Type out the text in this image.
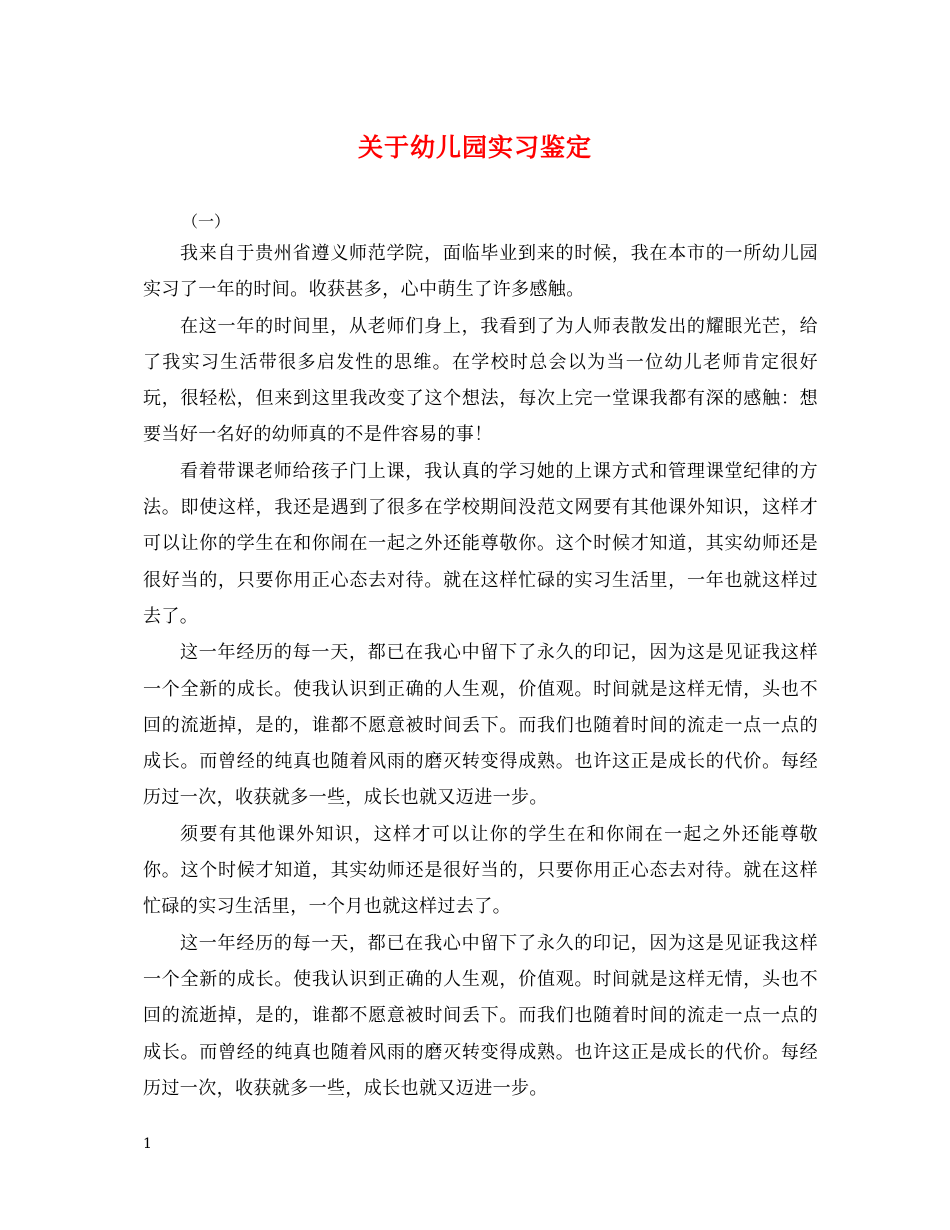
关于幼儿园实习鉴定

（一）

我来自于贵州省遵义师范学院，面临毕业到来的时候，我在本市的一所幼儿园实习了一年的时间。收获甚多，心中萌生了许多感触。

在这一年的时间里，从老师们身上，我看到了为人师表散发出的耀眼光芒，给了我实习生活带很多启发性的思维。在学校时总会以为当一位幼儿老师肯定很好玩，很轻松，但来到这里我改变了这个想法，每次上完一堂课我都有深的感触：想要当好一名好的幼师真的不是件容易的事！

看着带课老师给孩子门上课，我认真的学习她的上课方式和管理课堂纪律的方法。即使这样，我还是遇到了很多在学校期间没范文网要有其他课外知识，这样才可以让你的学生在和你闹在一起之外还能尊敬你。这个时候才知道，其实幼师还是很好当的，只要你用正心态去对待。就在这样忙碌的实习生活里，一年也就这样过去了。

这一年经历的每一天，都已在我心中留下了永久的印记，因为这是见证我这样一个全新的成长。使我认识到正确的人生观，价值观。时间就是这样无情，头也不回的流逝掉，是的，谁都不愿意被时间丢下。而我们也随着时间的流走一点一点的成长。而曾经的纯真也随着风雨的磨灭转变得成熟。也许这正是成长的代价。每经历过一次，收获就多一些，成长也就又迈进一步。

须要有其他课外知识，这样才可以让你的学生在和你闹在一起之外还能尊敬你。这个时候才知道，其实幼师还是很好当的，只要你用正心态去对待。就在这样忙碌的实习生活里，一个月也就这样过去了。

这一年经历的每一天，都已在我心中留下了永久的印记，因为这是见证我这样一个全新的成长。使我认识到正确的人生观，价值观。时间就是这样无情，头也不回的流逝掉，是的，谁都不愿意被时间丢下。而我们也随着时间的流走一点一点的成长。而曾经的纯真也随着风雨的磨灭转变得成熟。也许这正是成长的代价。每经历过一次，收获就多一些，成长也就又迈进一步。

1
